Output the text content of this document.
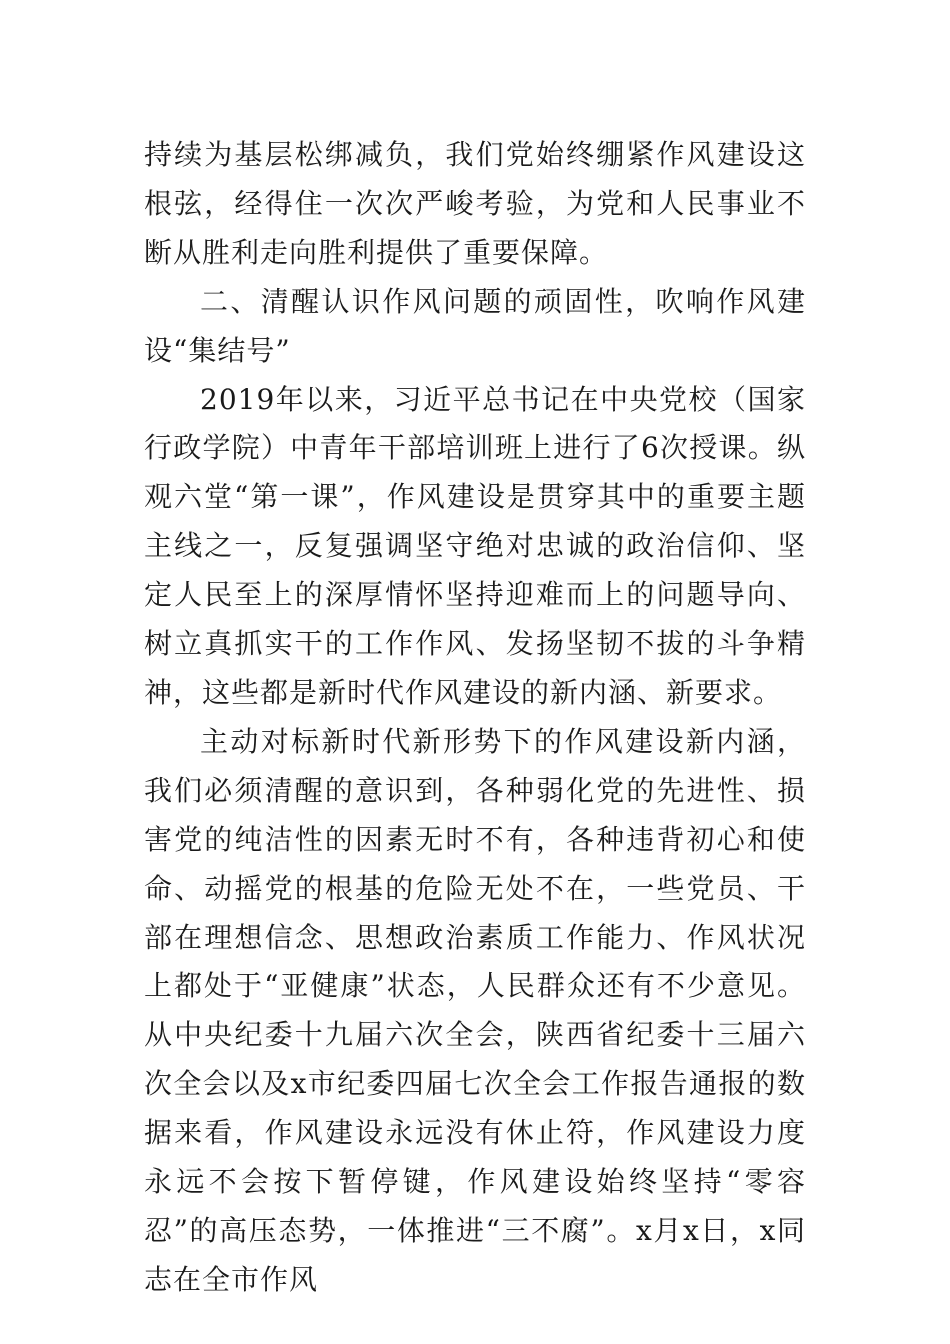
持续为基层松绑减负，我们党始终绷紧作风建设这根弦，经得住一次次严峻考验，为党和人民事业不断从胜利走向胜利提供了重要保障。

二、清醒认识作风问题的顽固性，吹响作风建设“集结号”

2019年以来，习近平总书记在中央党校（国家行政学院）中青年干部培训班上进行了6次授课。纵观六堂“第一课”，作风建设是贯穿其中的重要主题主线之一，反复强调坚守绝对忠诚的政治信仰、坚定人民至上的深厚情怀坚持迎难而上的问题导向、树立真抓实干的工作作风、发扬坚韧不拔的斗争精神，这些都是新时代作风建设的新内涵、新要求。

主动对标新时代新形势下的作风建设新内涵，我们必须清醒的意识到，各种弱化党的先进性、损害党的纯洁性的因素无时不有，各种违背初心和使命、动摇党的根基的危险无处不在，一些党员、干部在理想信念、思想政治素质工作能力、作风状况上都处于“亚健康”状态，人民群众还有不少意见。从中央纪委十九届六次全会，陕西省纪委十三届六次全会以及x市纪委四届七次全会工作报告通报的数据来看，作风建设永远没有休止符，作风建设力度永远不会按下暂停键，作风建设始终坚持“零容忍”的高压态势，一体推进“三不腐”。x月x日，x同志在全市作风
